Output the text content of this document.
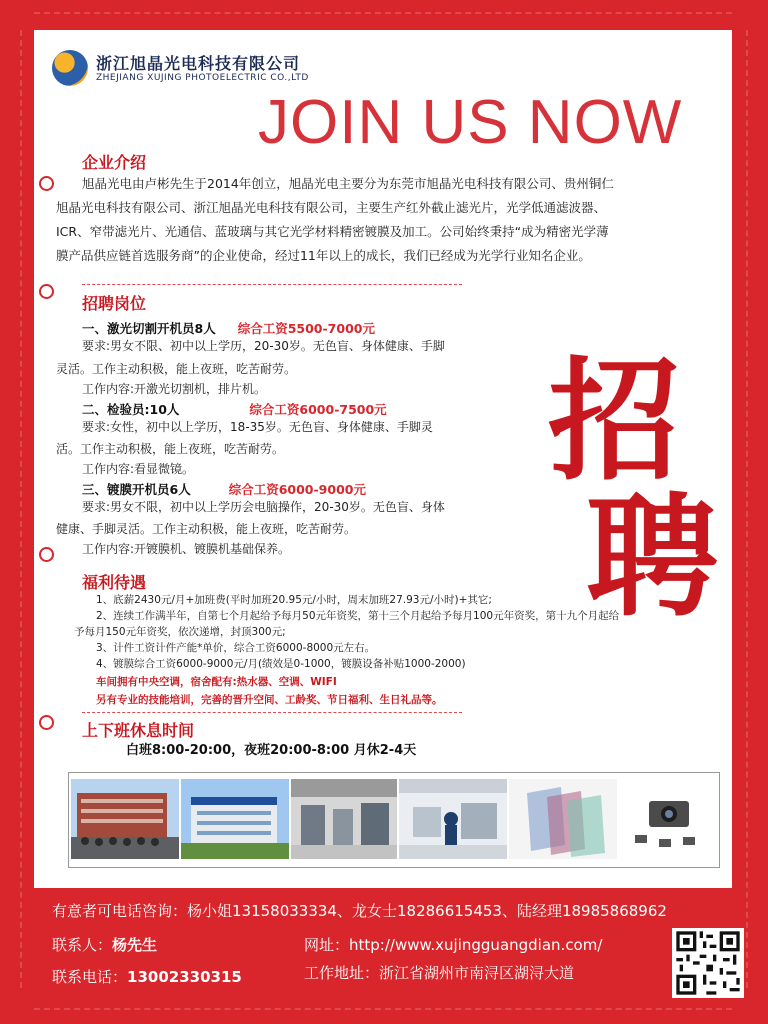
浙江旭晶光电科技有限公司
ZHEJIANG XUJING PHOTOELECTRIC CO.,LTD
JOIN US NOW
企业介绍
旭晶光电由卢彬先生于2014年创立，旭晶光电主要分为东莞市旭晶光电科技有限公司、贵州铜仁
旭晶光电科技有限公司、浙江旭晶光电科技有限公司，主要生产红外截止滤光片，光学低通滤波器、
ICR、窄带滤光片、光通信、蓝玻璃与其它光学材料精密镀膜及加工。公司始终秉持“成为精密光学薄
膜产品供应链首选服务商”的企业使命，经过11年以上的成长，我们已经成为光学行业知名企业。
招聘岗位
一、激光切割开机员8人 综合工资5500-7000元
要求:男女不限、初中以上学历，20-30岁。无色盲、身体健康、手脚
灵活。工作主动积极，能上夜班，吃苦耐劳。
工作内容:开激光切割机，排片机。
二、检验员:10人	综合工资6000-7500元
要求:女性，初中以上学历，18-35岁。无色盲、身体健康、手脚灵
活。工作主动积极，能上夜班，吃苦耐劳。
工作内容:看显微镜。
三、镀膜开机员6人	综合工资6000-9000元
要求:男女不限，初中以上学历会电脑操作，20-30岁。无色盲、身体
健康、手脚灵活。工作主动积极，能上夜班，吃苦耐劳。
工作内容:开镀膜机、镀膜机基础保养。
招
聘
福利待遇
1、底薪2430元/月+加班费(平时加班20.95元/小时，周末加班27.93元/小时)+其它;
2、连续工作满半年，自第七个月起给予每月50元年资奖，第十三个月起给予每月100元年资奖，第十九个月起给
予每月150元年资奖，依次递增，封顶300元;
3、计件工资计件产能*单价，综合工资6000-8000元左右。
4、镀膜综合工资6000-9000元/月(绩效是0-1000，镀膜设备补贴1000-2000)
车间拥有中央空调，宿舍配有:热水器、空调、WIFI
另有专业的技能培训，完善的晋升空间、工龄奖、节日福利、生日礼品等。
上下班休息时间
白班8:00-20:00，夜班20:00-8:00 月休2-4天
有意者可电话咨询：杨小姐13158033334、龙女士18286615453、陆经理18985868962
联系人：杨先生
联系电话：13002330315
网址：http://www.xujingguangdian.com/
工作地址：浙江省湖州市南浔区湖浔大道
